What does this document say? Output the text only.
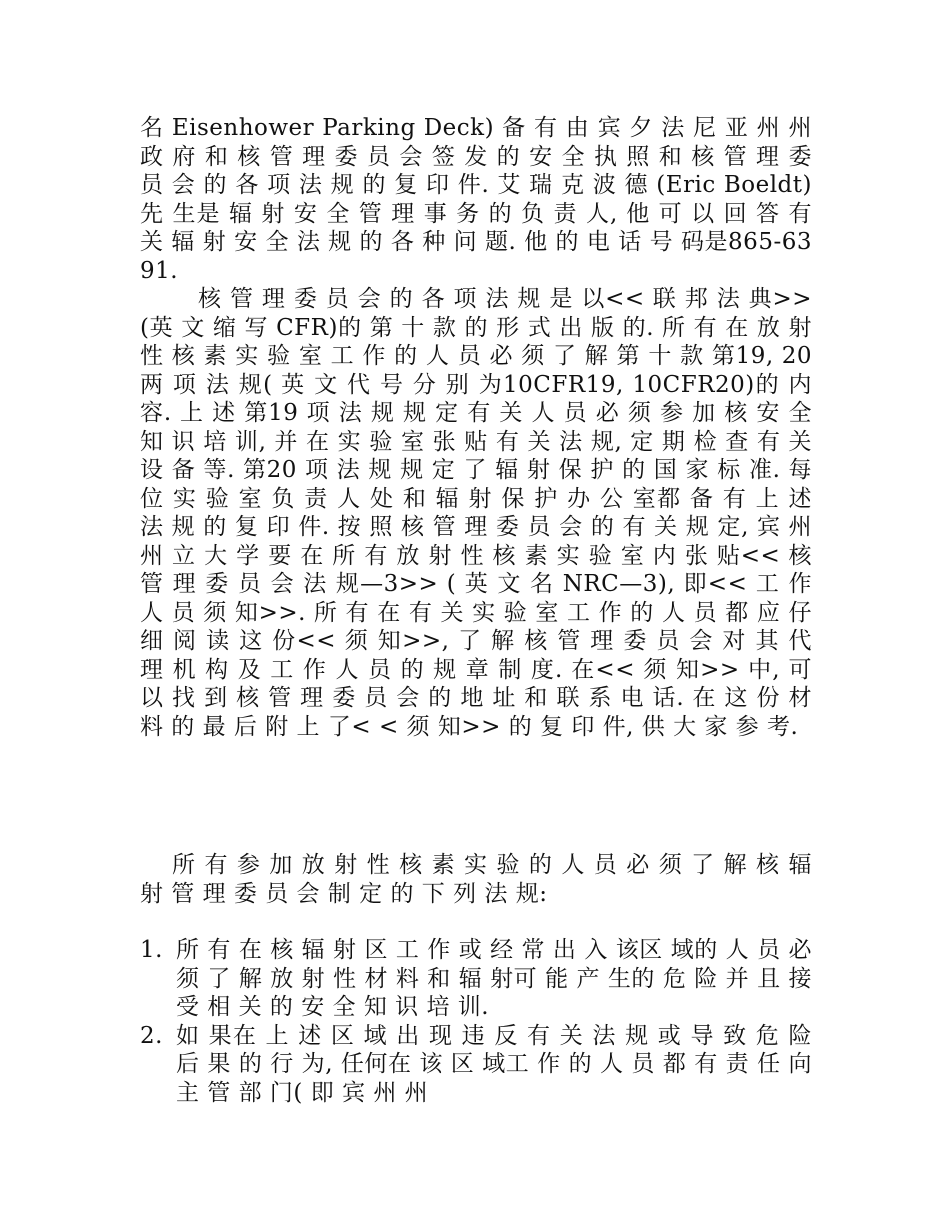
名 Eisenhower Parking Deck) 备 有 由 宾 夕 法 尼 亚 州 州 政 府 和 核 管 理 委 员 会 签 发 的 安 全 执 照 和 核 管 理 委 员 会 的 各 项 法 规 的 复 印 件. 艾 瑞 克 波 德 (Eric Boeldt) 先 生是 辐 射 安 全 管 理 事 务 的 负 责 人, 他 可 以 回 答 有 关 辐 射 安 全 法 规 的 各 种 问 题. 他 的 电 话 号 码是865-6391.

核 管 理 委 员 会 的 各 项 法 规 是 以<< 联 邦 法 典>>(英 文 缩 写 CFR)的 第 十 款 的 形 式 出 版 的. 所 有 在 放 射 性 核 素 实 验 室 工 作 的 人 员 必 须 了 解 第 十 款 第19, 20 两 项 法 规( 英 文 代 号 分 别 为10CFR19, 10CFR20)的 内 容. 上 述 第19 项 法 规 规 定 有 关 人 员 必 须 参 加 核 安 全 知 识 培 训, 并 在 实 验 室 张 贴 有 关 法 规, 定 期 检 查 有 关 设 备 等. 第20 项 法 规 规 定 了 辐 射 保 护 的 国 家 标 准. 每 位 实 验 室 负 责 人 处 和 辐 射 保 护 办 公 室都 备 有 上 述 法 规 的 复 印 件. 按 照 核 管 理 委 员 会 的 有 关 规 定, 宾 州 州 立 大 学 要 在 所 有 放 射 性 核 素 实 验 室 内 张 贴<< 核 管 理 委 员 会 法 规—3>> ( 英 文 名 NRC—3), 即<< 工 作 人 员 须 知>>. 所 有 在 有 关 实 验 室 工 作 的 人 员 都 应 仔 细 阅 读 这 份<< 须 知>>, 了 解 核 管 理 委 员 会 对 其 代 理 机 构 及 工 作 人 员 的 规 章 制 度. 在<< 须 知>> 中, 可 以 找 到 核 管 理 委 员 会 的 地 址 和 联 系 电 话. 在 这 份 材 料 的 最 后 附 上 了< < 须 知>> 的 复 印 件, 供 大 家 参 考.

所 有 参 加 放 射 性 核 素 实 验 的 人 员 必 须 了 解 核 辐 射 管 理 委 员 会 制 定 的 下 列 法 规:

1. 所 有 在 核 辐 射 区 工 作 或 经 常 出 入 该区 域的 人 员 必 须 了 解 放 射 性 材 料 和 辐 射可 能 产 生的 危 险 并 且 接 受 相 关 的 安 全 知 识 培 训.
2. 如 果在 上 述 区 域 出 现 违 反 有 关 法 规 或 导 致 危 险 后 果 的 行 为, 任何在 该 区 域工 作 的 人 员 都 有 责 任 向 主 管 部 门( 即 宾 州 州
